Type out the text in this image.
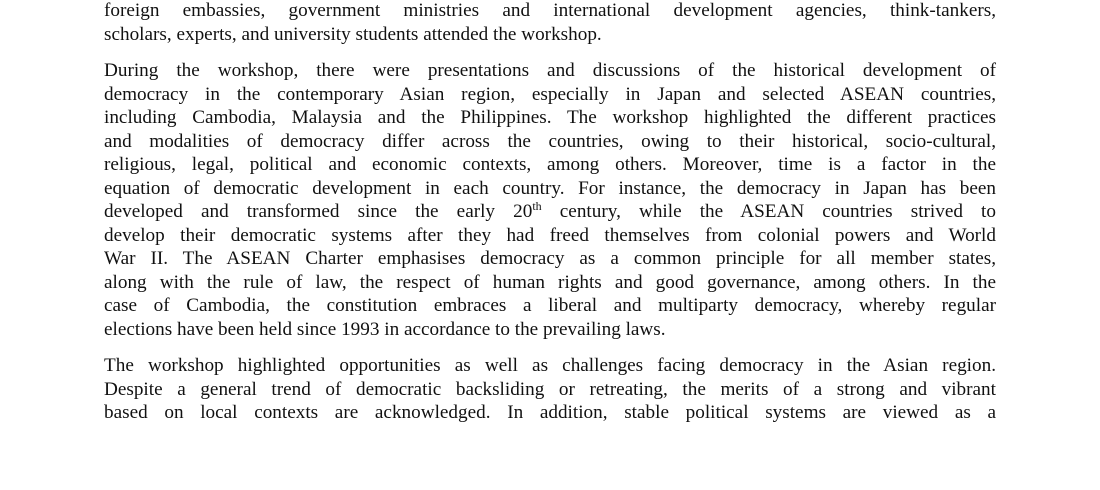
foreign embassies, government ministries and international development agencies, think-tankers,
scholars, experts, and university students attended the workshop.
During the workshop, there were presentations and discussions of the historical development of
democracy in the contemporary Asian region, especially in Japan and selected ASEAN countries,
including Cambodia, Malaysia and the Philippines. The workshop highlighted the different practices
and modalities of democracy differ across the countries, owing to their historical, socio-cultural,
religious, legal, political and economic contexts, among others. Moreover, time is a factor in the
equation of democratic development in each country. For instance, the democracy in Japan has been
developed and transformed since the early 20th century, while the ASEAN countries strived to
develop their democratic systems after they had freed themselves from colonial powers and World
War II. The ASEAN Charter emphasises democracy as a common principle for all member states,
along with the rule of law, the respect of human rights and good governance, among others. In the
case of Cambodia, the constitution embraces a liberal and multiparty democracy, whereby regular
elections have been held since 1993 in accordance to the prevailing laws.
The workshop highlighted opportunities as well as challenges facing democracy in the Asian region.
Despite a general trend of democratic backsliding or retreating, the merits of a strong and vibrant
based on local contexts are acknowledged. In addition, stable political systems are viewed as a
